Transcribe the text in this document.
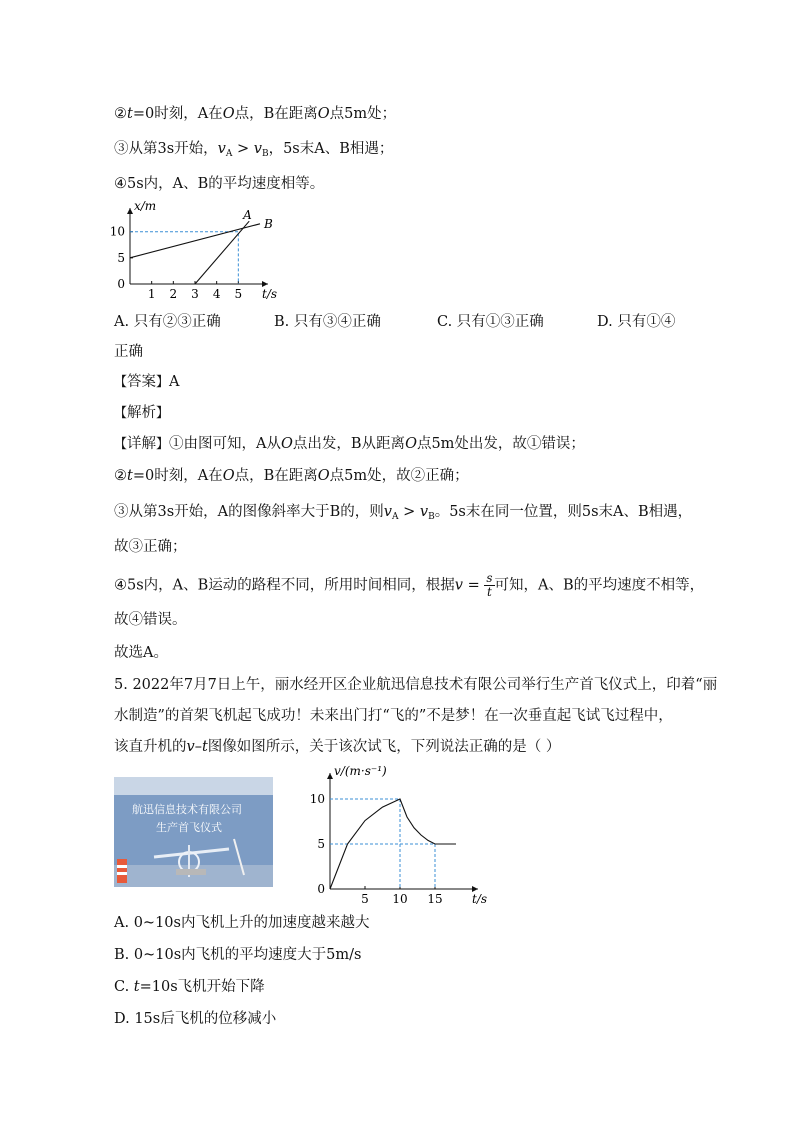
②t=0时刻，A在O点，B在距离O点5m处；
③从第3s开始，$v_A > v_B$，5s末A、B相遇；
④5s内，A、B的平均速度相等。
1 2 3 4 5
5
10
0
x/m
t/s
A
B
A. 只有②③正确	B. 只有③④正确	C. 只有①③正确	D. 只有①④
正确
【答案】A
【解析】
【详解】①由图可知，A从O点出发，B从距离O点5m处出发，故①错误；
②t=0时刻，A在O点，B在距离O点5m处，故②正确；
③从第3s开始，A的图像斜率大于B的，则$v_A > v_B$。5s末在同一位置，则5s末A、B相遇，
故③正确；
④5s内，A、B运动的路程不同，所用时间相同，根据$v = \frac{s}{t}$ 可知，A、B的平均速度不相等，
故④错误。
故选A。
5. 2022年7月7日上午，丽水经开区企业航迅信息技术有限公司举行生产首飞仪式上，印着“丽
水制造”的首架飞机起飞成功！未来出门打“飞的”不是梦！在一次垂直起飞试飞过程中，
该直升机的v–t图像如图所示，关于该次试飞，下列说法正确的是（ ）
航迅信息技术有限公司
生产首飞仪式
5 10 15
5
10
0
v/(m·s⁻¹)
t/s
A. 0~10s内飞机上升的加速度越来越大
B. 0~10s内飞机的平均速度大于5m/s
C. t=10s飞机开始下降
D. 15s后飞机的位移减小
